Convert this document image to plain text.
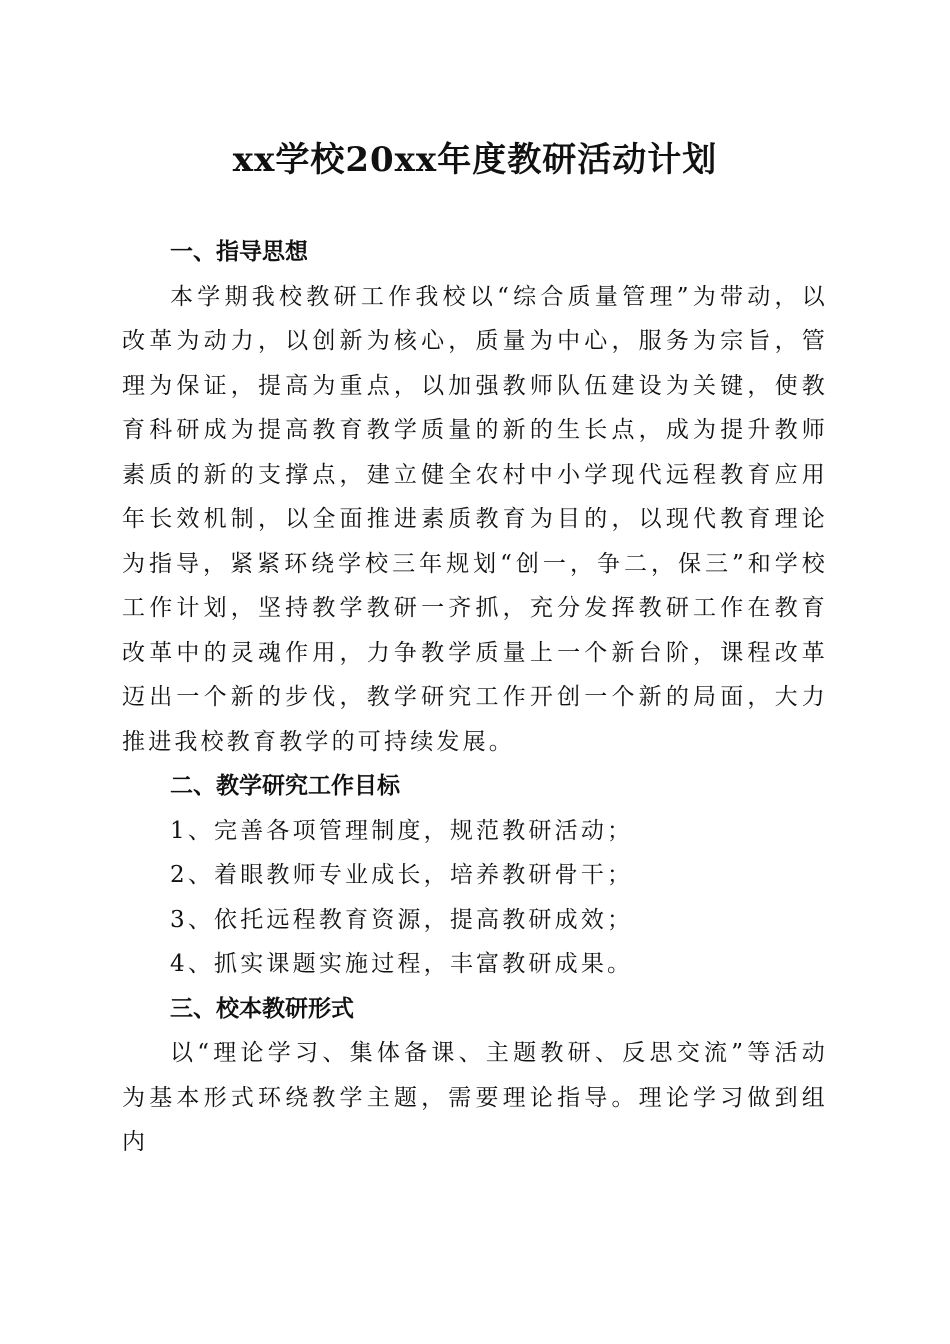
xx学校20xx年度教研活动计划

一、指导思想

本学期我校教研工作我校以“综合质量管理”为带动，以改革为动力，以创新为核心，质量为中心，服务为宗旨，管理为保证，提高为重点，以加强教师队伍建设为关键，使教育科研成为提高教育教学质量的新的生长点，成为提升教师素质的新的支撑点，建立健全农村中小学现代远程教育应用年长效机制，以全面推进素质教育为目的，以现代教育理论为指导，紧紧环绕学校三年规划“创一，争二，保三”和学校工作计划，坚持教学教研一齐抓，充分发挥教研工作在教育改革中的灵魂作用，力争教学质量上一个新台阶，课程改革迈出一个新的步伐，教学研究工作开创一个新的局面，大力推进我校教育教学的可持续发展。

二、教学研究工作目标

1、完善各项管理制度，规范教研活动；

2、着眼教师专业成长，培养教研骨干；

3、依托远程教育资源，提高教研成效；

4、抓实课题实施过程，丰富教研成果。

三、校本教研形式

以“理论学习、集体备课、主题教研、反思交流”等活动为基本形式环绕教学主题，需要理论指导。理论学习做到组内
